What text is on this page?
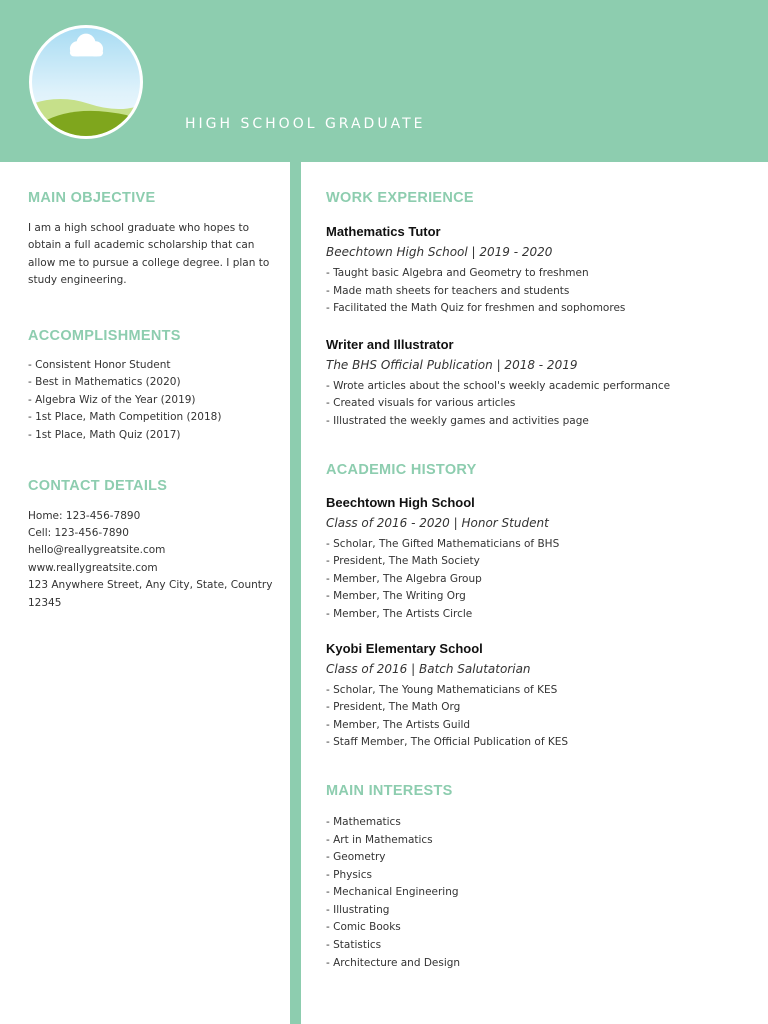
HIGH SCHOOL GRADUATE
MAIN OBJECTIVE

I am a high school graduate who hopes to obtain a full academic scholarship that can allow me to pursue a college degree. I plan to study engineering.

ACCOMPLISHMENTS
- Consistent Honor Student
- Best in Mathematics (2020)
- Algebra Wiz of the Year (2019)
- 1st Place, Math Competition (2018)
- 1st Place, Math Quiz (2017)
CONTACT DETAILS
Home: 123-456-7890
Cell: 123-456-7890
hello@reallygreatsite.com
www.reallygreatsite.com
123 Anywhere Street, Any City, State, Country 12345
WORK EXPERIENCE
Mathematics Tutor
Beechtown High School | 2019 - 2020
- Taught basic Algebra and Geometry to freshmen
- Made math sheets for teachers and students
- Facilitated the Math Quiz for freshmen and sophomores
Writer and Illustrator
The BHS Official Publication | 2018 - 2019
- Wrote articles about the school's weekly academic performance
- Created visuals for various articles
- Illustrated the weekly games and activities page
ACADEMIC HISTORY
Beechtown High School
Class of 2016 - 2020 | Honor Student
- Scholar, The Gifted Mathematicians of BHS
- President, The Math Society
- Member, The Algebra Group
- Member, The Writing Org
- Member, The Artists Circle
Kyobi Elementary School
Class of 2016 | Batch Salutatorian
- Scholar, The Young Mathematicians of KES
- President, The Math Org
- Member, The Artists Guild
- Staff Member, The Official Publication of KES
MAIN INTERESTS
- Mathematics
- Art in Mathematics
- Geometry
- Physics
- Mechanical Engineering
- Illustrating
- Comic Books
- Statistics
- Architecture and Design
